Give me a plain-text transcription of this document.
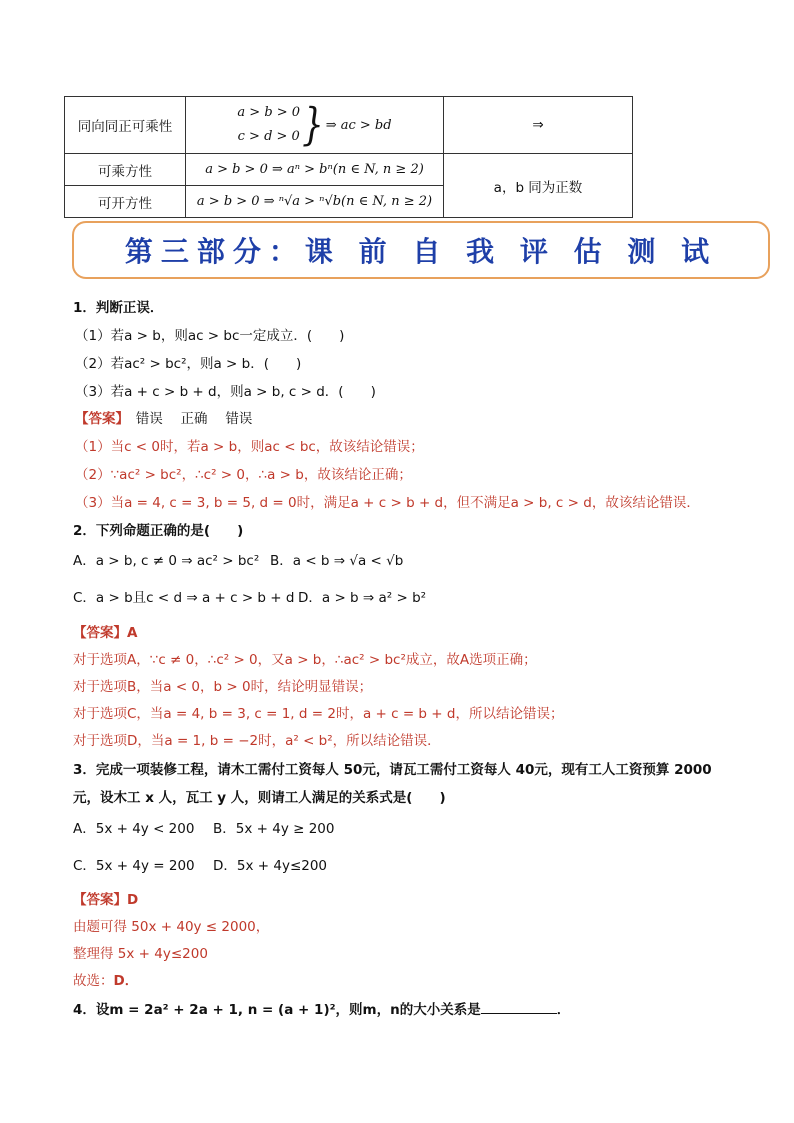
同向同正可乘性	a > b > 0
c > d > 0 } ⇒ ac > bd	⇒
可乘方性	a > b > 0 ⇒ aⁿ > bⁿ(n ∈ N, n ≥ 2)	a，b 同为正数
可开方性	a > b > 0 ⇒ ⁿ√a > ⁿ√b(n ∈ N, n ≥ 2)	
第三部分：课 前 自 我 评 估 测 试
1．判断正误．
（1）若a > b，则ac > bc一定成立．(　　)
（2）若ac² > bc²，则a > b．(　　)
（3）若a + c > b + d，则a > b, c > d．(　　)
【答案】　错误　 正确　 错误
（1）当c < 0时，若a > b，则ac < bc，故该结论错误；
（2）∵ac² > bc²，∴c² > 0，∴a > b，故该结论正确；
（3）当a = 4, c = 3, b = 5, d = 0时，满足a + c > b + d，但不满足a > b, c > d，故该结论错误．
2．下列命题正确的是(　　)
A．a > b, c ≠ 0 ⇒ ac² > bc² B．a < b ⇒ √a < √b
C．a > b且c < d ⇒ a + c > b + d D．a > b ⇒ a² > b²
【答案】A
对于选项A，∵c ≠ 0，∴c² > 0，又a > b，∴ac² > bc²成立，故A选项正确；
对于选项B，当a < 0，b > 0时，结论明显错误；
对于选项C，当a = 4, b = 3, c = 1, d = 2时，a + c = b + d，所以结论错误；
对于选项D，当a = 1, b = −2时，a² < b²，所以结论错误．
3．完成一项装修工程，请木工需付工资每人 50元，请瓦工需付工资每人 40元，现有工人工资预算 2000
元，设木工 x 人，瓦工 y 人，则请工人满足的关系式是(　　)
A．5x + 4y < 200 B．5x + 4y ≥ 200
C．5x + 4y = 200 D．5x + 4y≤200
【答案】D
由题可得 50x + 40y ≤ 2000，
整理得 5x + 4y≤200
故选：D．
4．设m = 2a² + 2a + 1, n = (a + 1)²，则m，n的大小关系是	．
